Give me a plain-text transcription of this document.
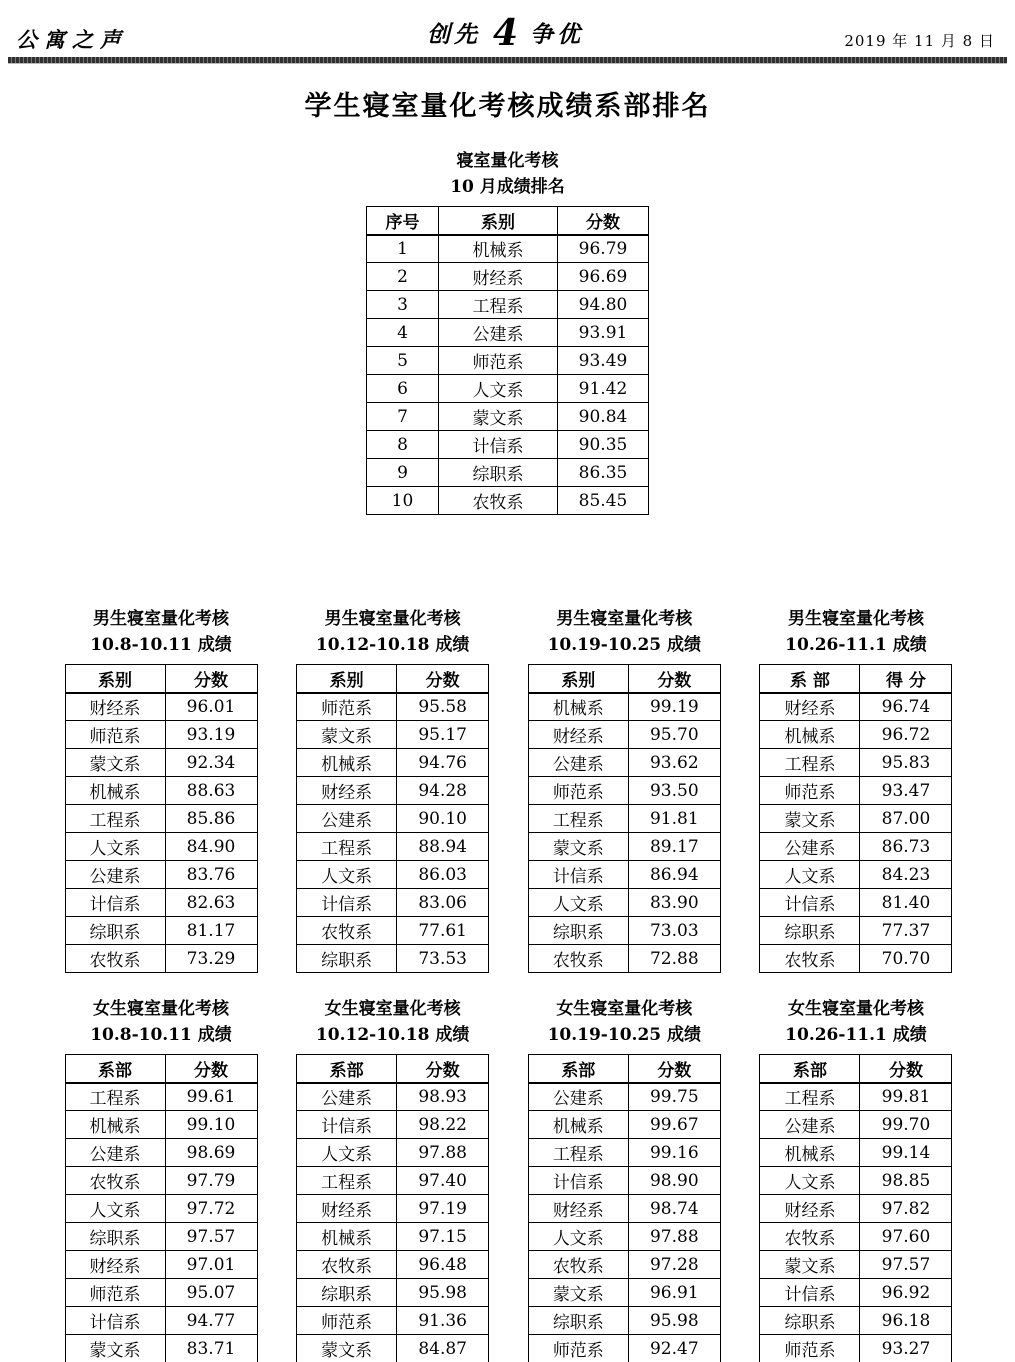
公寓之声	创先 4 争优	2019 年 11 月 8 日
学生寝室量化考核成绩系部排名
寝室量化考核
10 月成绩排名
序号	系别	分数
1	机械系	96.79
2	财经系	96.69
3	工程系	94.80
4	公建系	93.91
5	师范系	93.49
6	人文系	91.42
7	蒙文系	90.84
8	计信系	90.35
9	综职系	86.35
10	农牧系	85.45
男生寝室量化考核
10.8-10.11 成绩
系别	分数
财经系	96.01
师范系	93.19
蒙文系	92.34
机械系	88.63
工程系	85.86
人文系	84.90
公建系	83.76
计信系	82.63
综职系	81.17
农牧系	73.29
男生寝室量化考核
10.12-10.18 成绩
系别	分数
师范系	95.58
蒙文系	95.17
机械系	94.76
财经系	94.28
公建系	90.10
工程系	88.94
人文系	86.03
计信系	83.06
农牧系	77.61
综职系	73.53
男生寝室量化考核
10.19-10.25 成绩
系别	分数
机械系	99.19
财经系	95.70
公建系	93.62
师范系	93.50
工程系	91.81
蒙文系	89.17
计信系	86.94
人文系	83.90
综职系	73.03
农牧系	72.88
男生寝室量化考核
10.26-11.1 成绩
系 部	得 分
财经系	96.74
机械系	96.72
工程系	95.83
师范系	93.47
蒙文系	87.00
公建系	86.73
人文系	84.23
计信系	81.40
综职系	77.37
农牧系	70.70
女生寝室量化考核
10.8-10.11 成绩
系部	分数
工程系	99.61
机械系	99.10
公建系	98.69
农牧系	97.79
人文系	97.72
综职系	97.57
财经系	97.01
师范系	95.07
计信系	94.77
蒙文系	83.71
女生寝室量化考核
10.12-10.18 成绩
系部	分数
公建系	98.93
计信系	98.22
人文系	97.88
工程系	97.40
财经系	97.19
机械系	97.15
农牧系	96.48
综职系	95.98
师范系	91.36
蒙文系	84.87
女生寝室量化考核
10.19-10.25 成绩
系部	分数
公建系	99.75
机械系	99.67
工程系	99.16
计信系	98.90
财经系	98.74
人文系	97.88
农牧系	97.28
蒙文系	96.91
综职系	95.98
师范系	92.47
女生寝室量化考核
10.26-11.1 成绩
系部	分数
工程系	99.81
公建系	99.70
机械系	99.14
人文系	98.85
财经系	97.82
农牧系	97.60
蒙文系	97.57
计信系	96.92
综职系	96.18
师范系	93.27
